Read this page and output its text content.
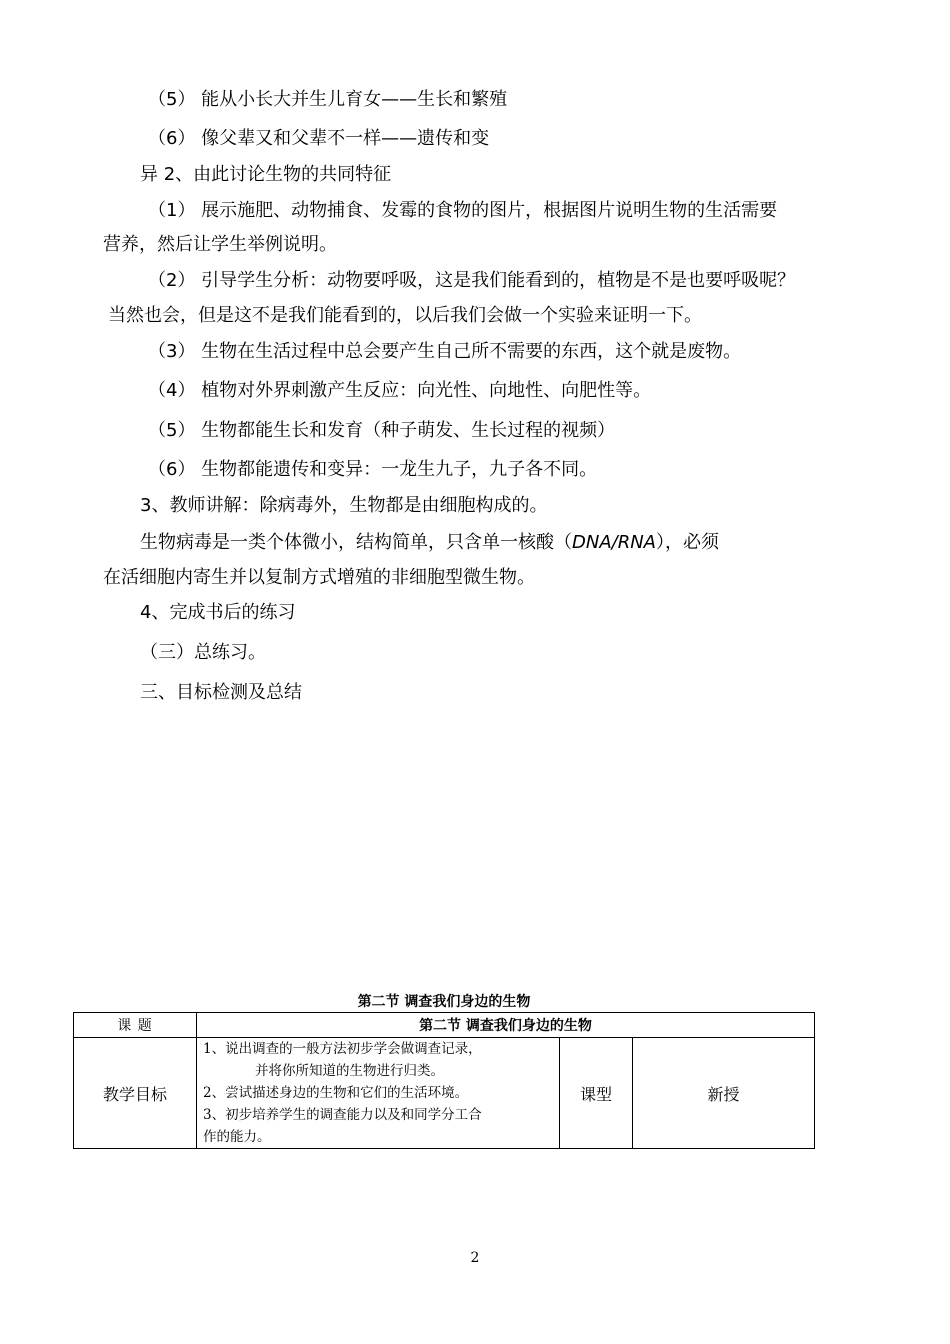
（5） 能从小长大并生儿育女——生长和繁殖
（6） 像父辈又和父辈不一样——遗传和变
异 2、由此讨论生物的共同特征
（1） 展示施肥、动物捕食、发霉的食物的图片，根据图片说明生物的生活需要
营养，然后让学生举例说明。
（2） 引导学生分析：动物要呼吸，这是我们能看到的，植物是不是也要呼吸呢？
当然也会，但是这不是我们能看到的，以后我们会做一个实验来证明一下。
（3） 生物在生活过程中总会要产生自己所不需要的东西，这个就是废物。
（4） 植物对外界刺激产生反应：向光性、向地性、向肥性等。
（5） 生物都能生长和发育（种子萌发、生长过程的视频）
（6） 生物都能遗传和变异：一龙生九子，九子各不同。
3、教师讲解：除病毒外，生物都是由细胞构成的。
生物病毒是一类个体微小，结构简单，只含单一核酸（DNA/RNA），必须
在活细胞内寄生并以复制方式增殖的非细胞型微生物。
4、完成书后的练习
（三）总练习。
三、目标检测及总结
第二节 调查我们身边的生物
课 题	第二节 调查我们身边的生物		
教学目标	1、说出调查的一般方法初步学会做调查记录，
并将你所知道的生物进行归类。
2、尝试描述身边的生物和它们的生活环境。
3、初步培养学生的调查能力以及和同学分工合
作的能力。	课型	新授
2
